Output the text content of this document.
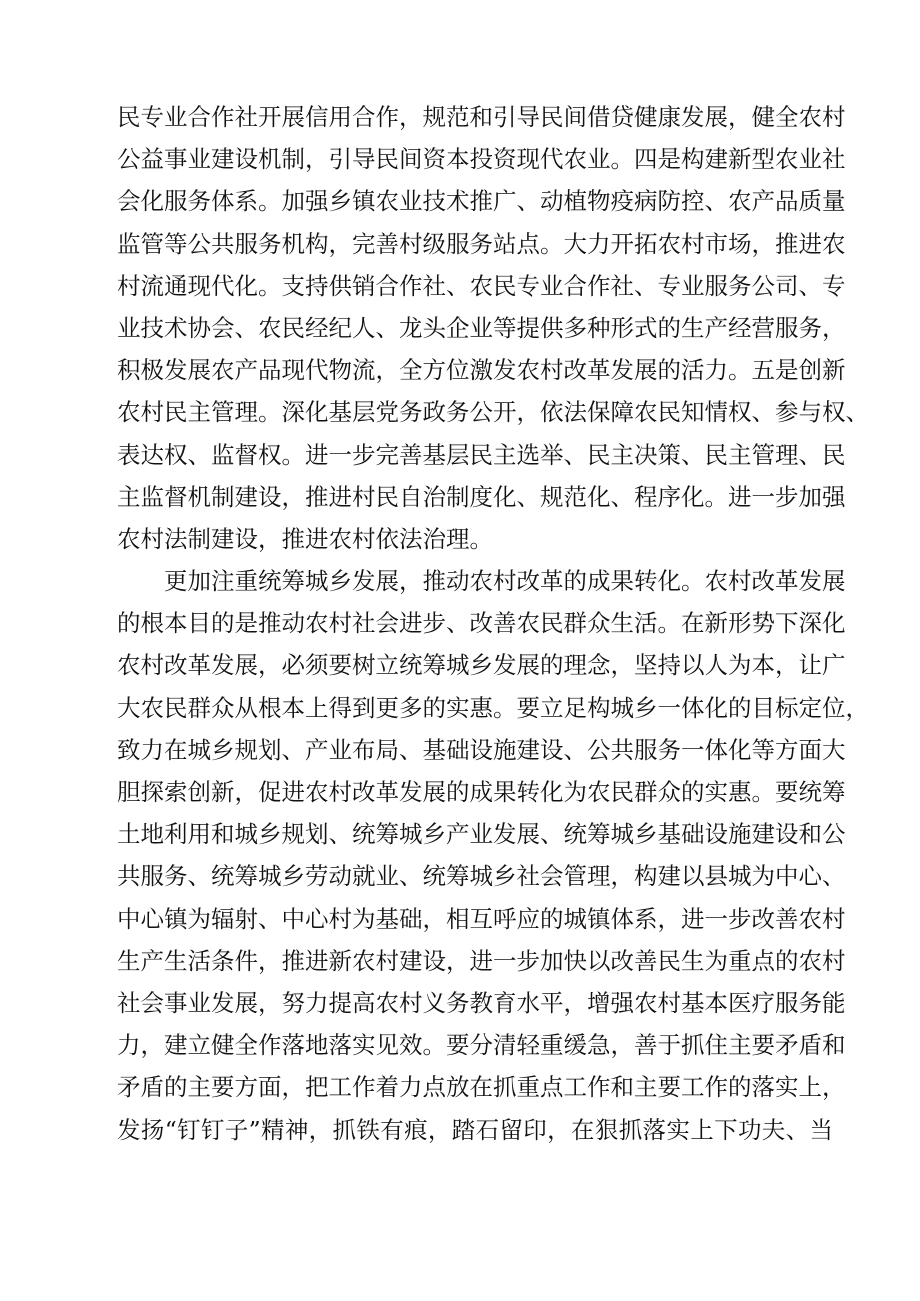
民专业合作社开展信用合作，规范和引导民间借贷健康发展，健全农村
公益事业建设机制，引导民间资本投资现代农业。四是构建新型农业社
会化服务体系。加强乡镇农业技术推广、动植物疫病防控、农产品质量
监管等公共服务机构，完善村级服务站点。大力开拓农村市场，推进农
村流通现代化。支持供销合作社、农民专业合作社、专业服务公司、专
业技术协会、农民经纪人、龙头企业等提供多种形式的生产经营服务，
积极发展农产品现代物流，全方位激发农村改革发展的活力。五是创新
农村民主管理。深化基层党务政务公开，依法保障农民知情权、参与权、
表达权、监督权。进一步完善基层民主选举、民主决策、民主管理、民
主监督机制建设，推进村民自治制度化、规范化、程序化。进一步加强
农村法制建设，推进农村依法治理。
更加注重统筹城乡发展，推动农村改革的成果转化。农村改革发展
的根本目的是推动农村社会进步、改善农民群众生活。在新形势下深化
农村改革发展，必须要树立统筹城乡发展的理念，坚持以人为本，让广
大农民群众从根本上得到更多的实惠。要立足构城乡一体化的目标定位，
致力在城乡规划、产业布局、基础设施建设、公共服务一体化等方面大
胆探索创新，促进农村改革发展的成果转化为农民群众的实惠。要统筹
土地利用和城乡规划、统筹城乡产业发展、统筹城乡基础设施建设和公
共服务、统筹城乡劳动就业、统筹城乡社会管理，构建以县城为中心、
中心镇为辐射、中心村为基础，相互呼应的城镇体系，进一步改善农村
生产生活条件，推进新农村建设，进一步加快以改善民生为重点的农村
社会事业发展，努力提高农村义务教育水平，增强农村基本医疗服务能
力，建立健全作落地落实见效。要分清轻重缓急，善于抓住主要矛盾和
矛盾的主要方面，把工作着力点放在抓重点工作和主要工作的落实上，
发扬“钉钉子”精神，抓铁有痕，踏石留印，在狠抓落实上下功夫、当
